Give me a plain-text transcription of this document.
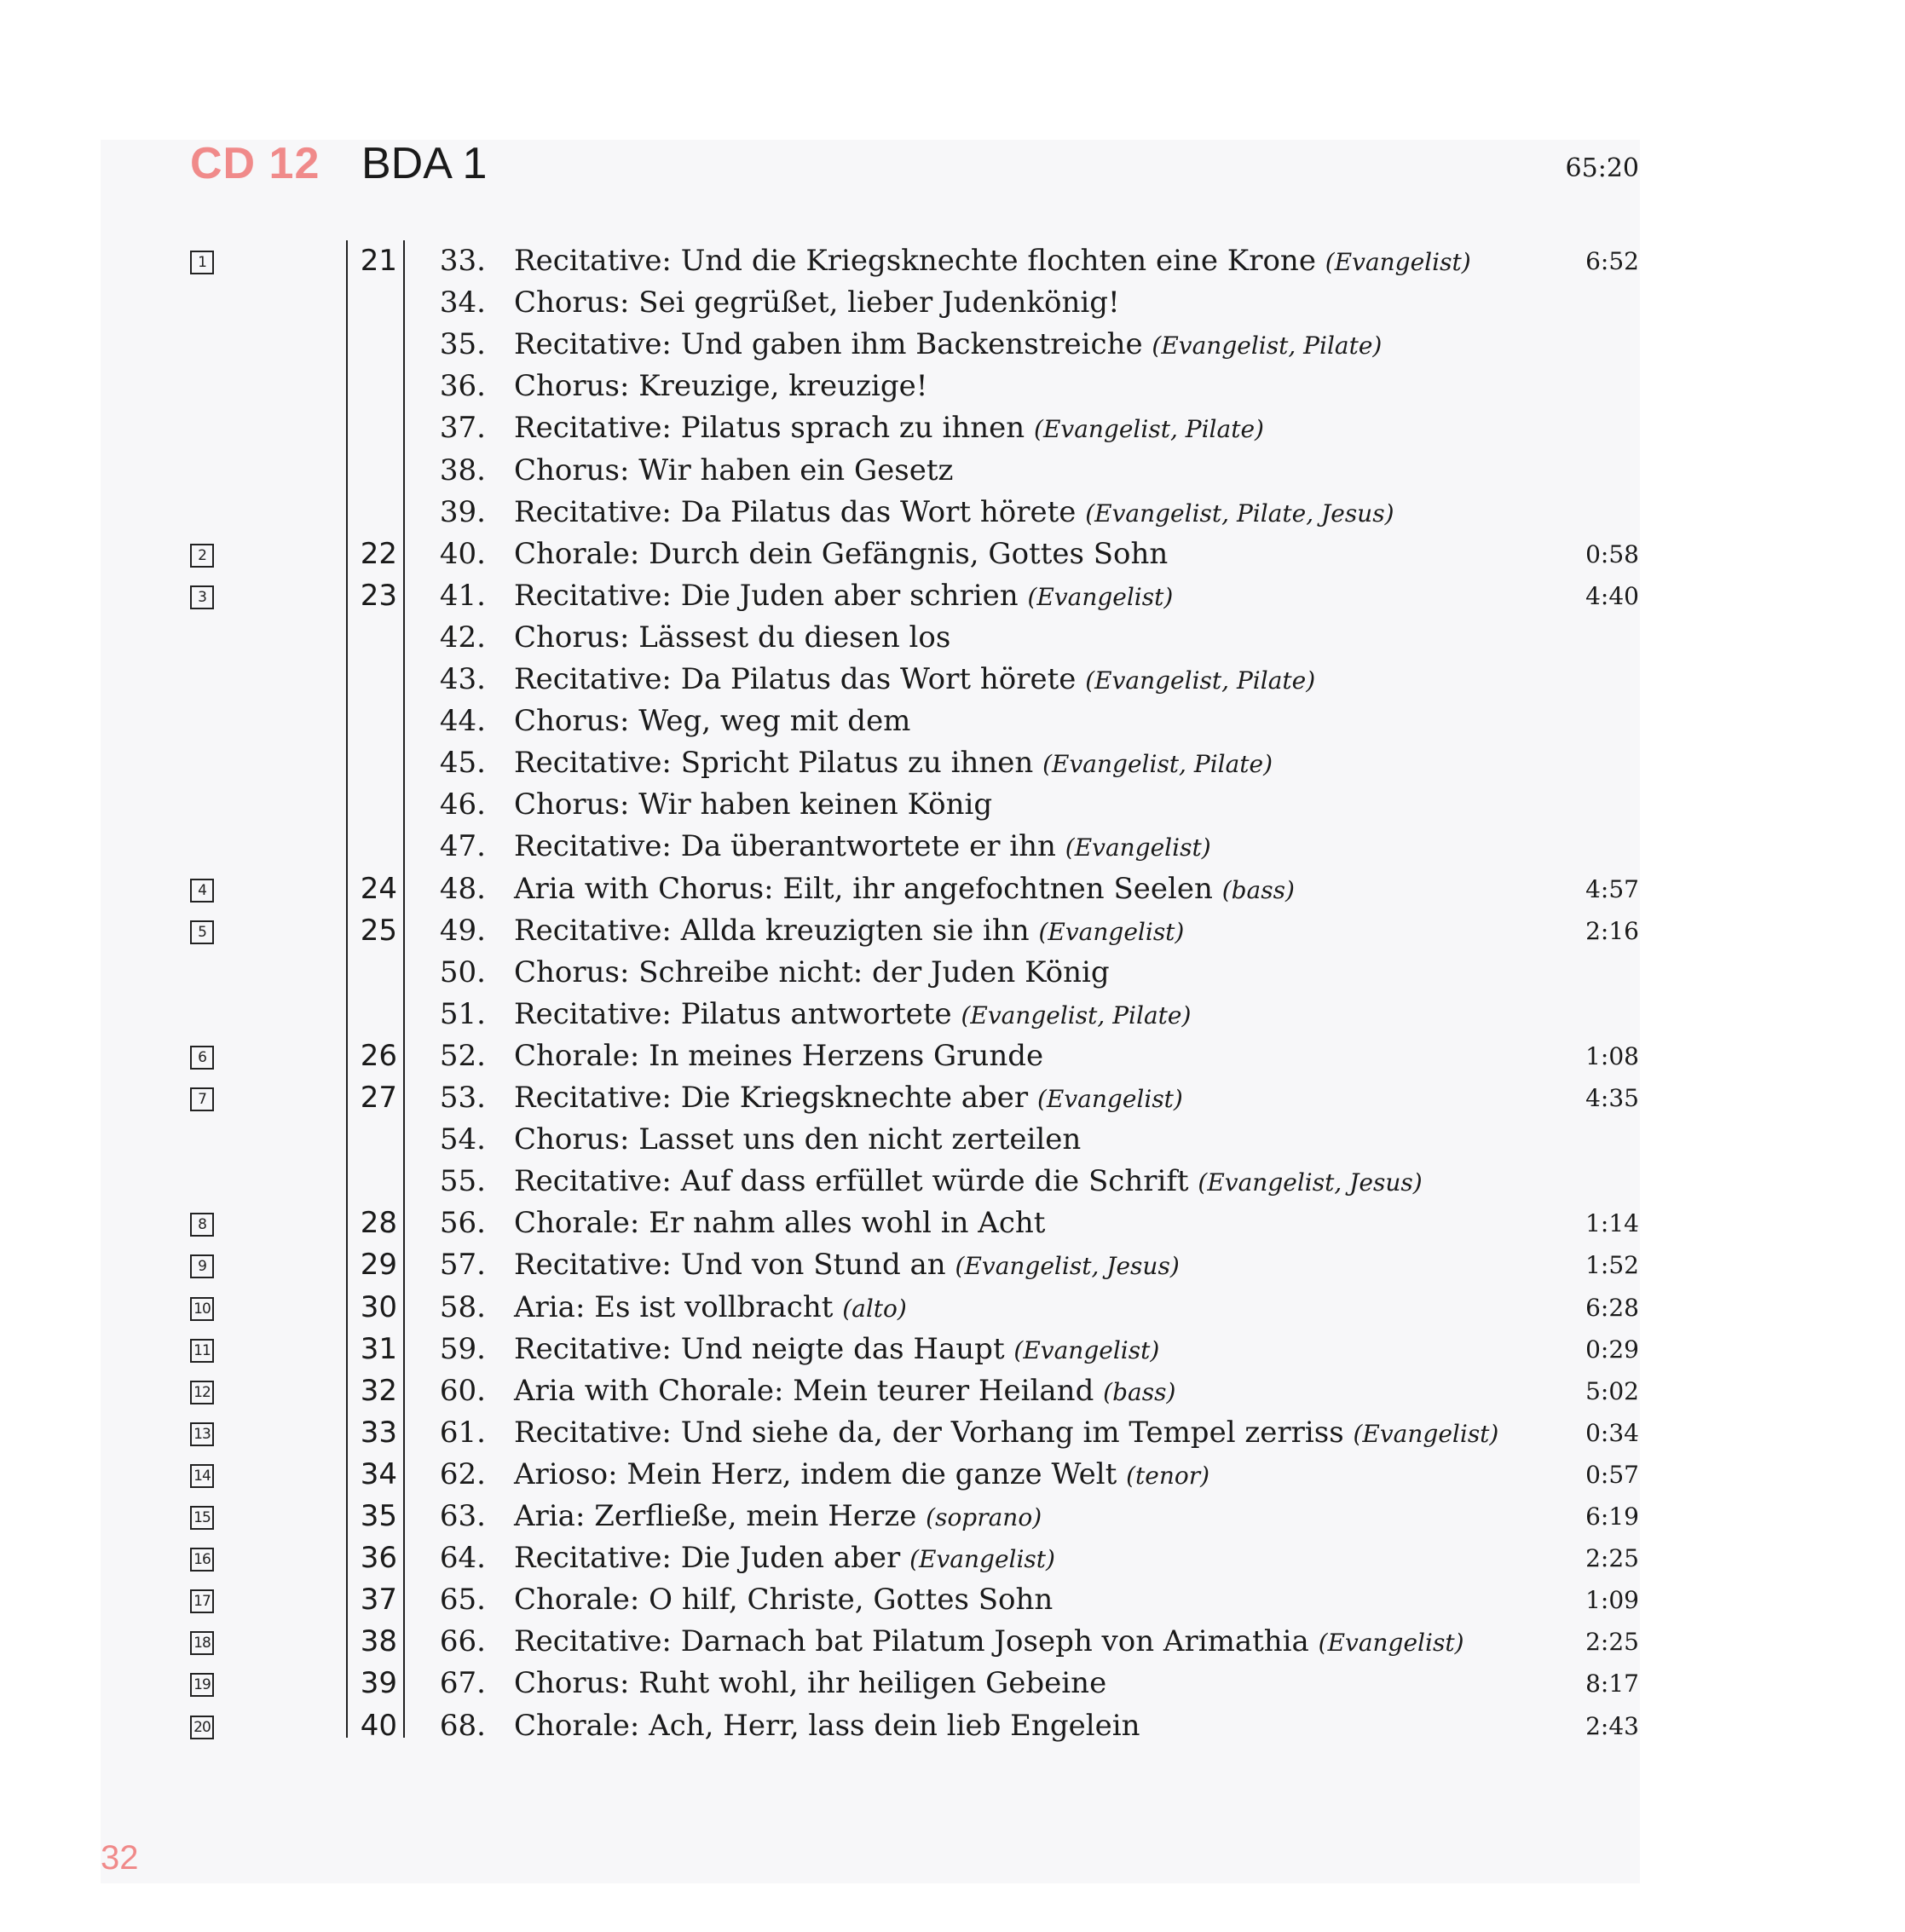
CD 12 BDA 1	65:20
1	21 33. Recitative: Und die Kriegsknechte flochten eine Krone (Evangelist)	6:52
34. Chorus: Sei gegrüßet, lieber Judenkönig!
35. Recitative: Und gaben ihm Backenstreiche (Evangelist, Pilate)
36. Chorus: Kreuzige, kreuzige!
37. Recitative: Pilatus sprach zu ihnen (Evangelist, Pilate)
38. Chorus: Wir haben ein Gesetz
39. Recitative: Da Pilatus das Wort hörete (Evangelist, Pilate, Jesus)
2	22 40. Chorale: Durch dein Gefängnis, Gottes Sohn	0:58
3	23 41. Recitative: Die Juden aber schrien (Evangelist)	4:40
42. Chorus: Lässest du diesen los
43. Recitative: Da Pilatus das Wort hörete (Evangelist, Pilate)
44. Chorus: Weg, weg mit dem
45. Recitative: Spricht Pilatus zu ihnen (Evangelist, Pilate)
46. Chorus: Wir haben keinen König
47. Recitative: Da überantwortete er ihn (Evangelist)
4	24 48. Aria with Chorus: Eilt, ihr angefochtnen Seelen (bass)	4:57
5	25 49. Recitative: Allda kreuzigten sie ihn (Evangelist)	2:16
50. Chorus: Schreibe nicht: der Juden König
51. Recitative: Pilatus antwortete (Evangelist, Pilate)
6	26 52. Chorale: In meines Herzens Grunde	1:08
7	27 53. Recitative: Die Kriegsknechte aber (Evangelist)	4:35
54. Chorus: Lasset uns den nicht zerteilen
55. Recitative: Auf dass erfüllet würde die Schrift (Evangelist, Jesus)
8	28 56. Chorale: Er nahm alles wohl in Acht	1:14
9	29 57. Recitative: Und von Stund an (Evangelist, Jesus)	1:52
10	30 58. Aria: Es ist vollbracht (alto)	6:28
11	31 59. Recitative: Und neigte das Haupt (Evangelist)	0:29
12	32 60. Aria with Chorale: Mein teurer Heiland (bass)	5:02
13	33 61. Recitative: Und siehe da, der Vorhang im Tempel zerriss (Evangelist)	0:34
14	34 62. Arioso: Mein Herz, indem die ganze Welt (tenor)	0:57
15	35 63. Aria: Zerfließe, mein Herze (soprano)	6:19
16	36 64. Recitative: Die Juden aber (Evangelist)	2:25
17	37 65. Chorale: O hilf, Christe, Gottes Sohn	1:09
18	38 66. Recitative: Darnach bat Pilatum Joseph von Arimathia (Evangelist)	2:25
19	39 67. Chorus: Ruht wohl, ihr heiligen Gebeine	8:17
20	40 68. Chorale: Ach, Herr, lass dein lieb Engelein	2:43
32
